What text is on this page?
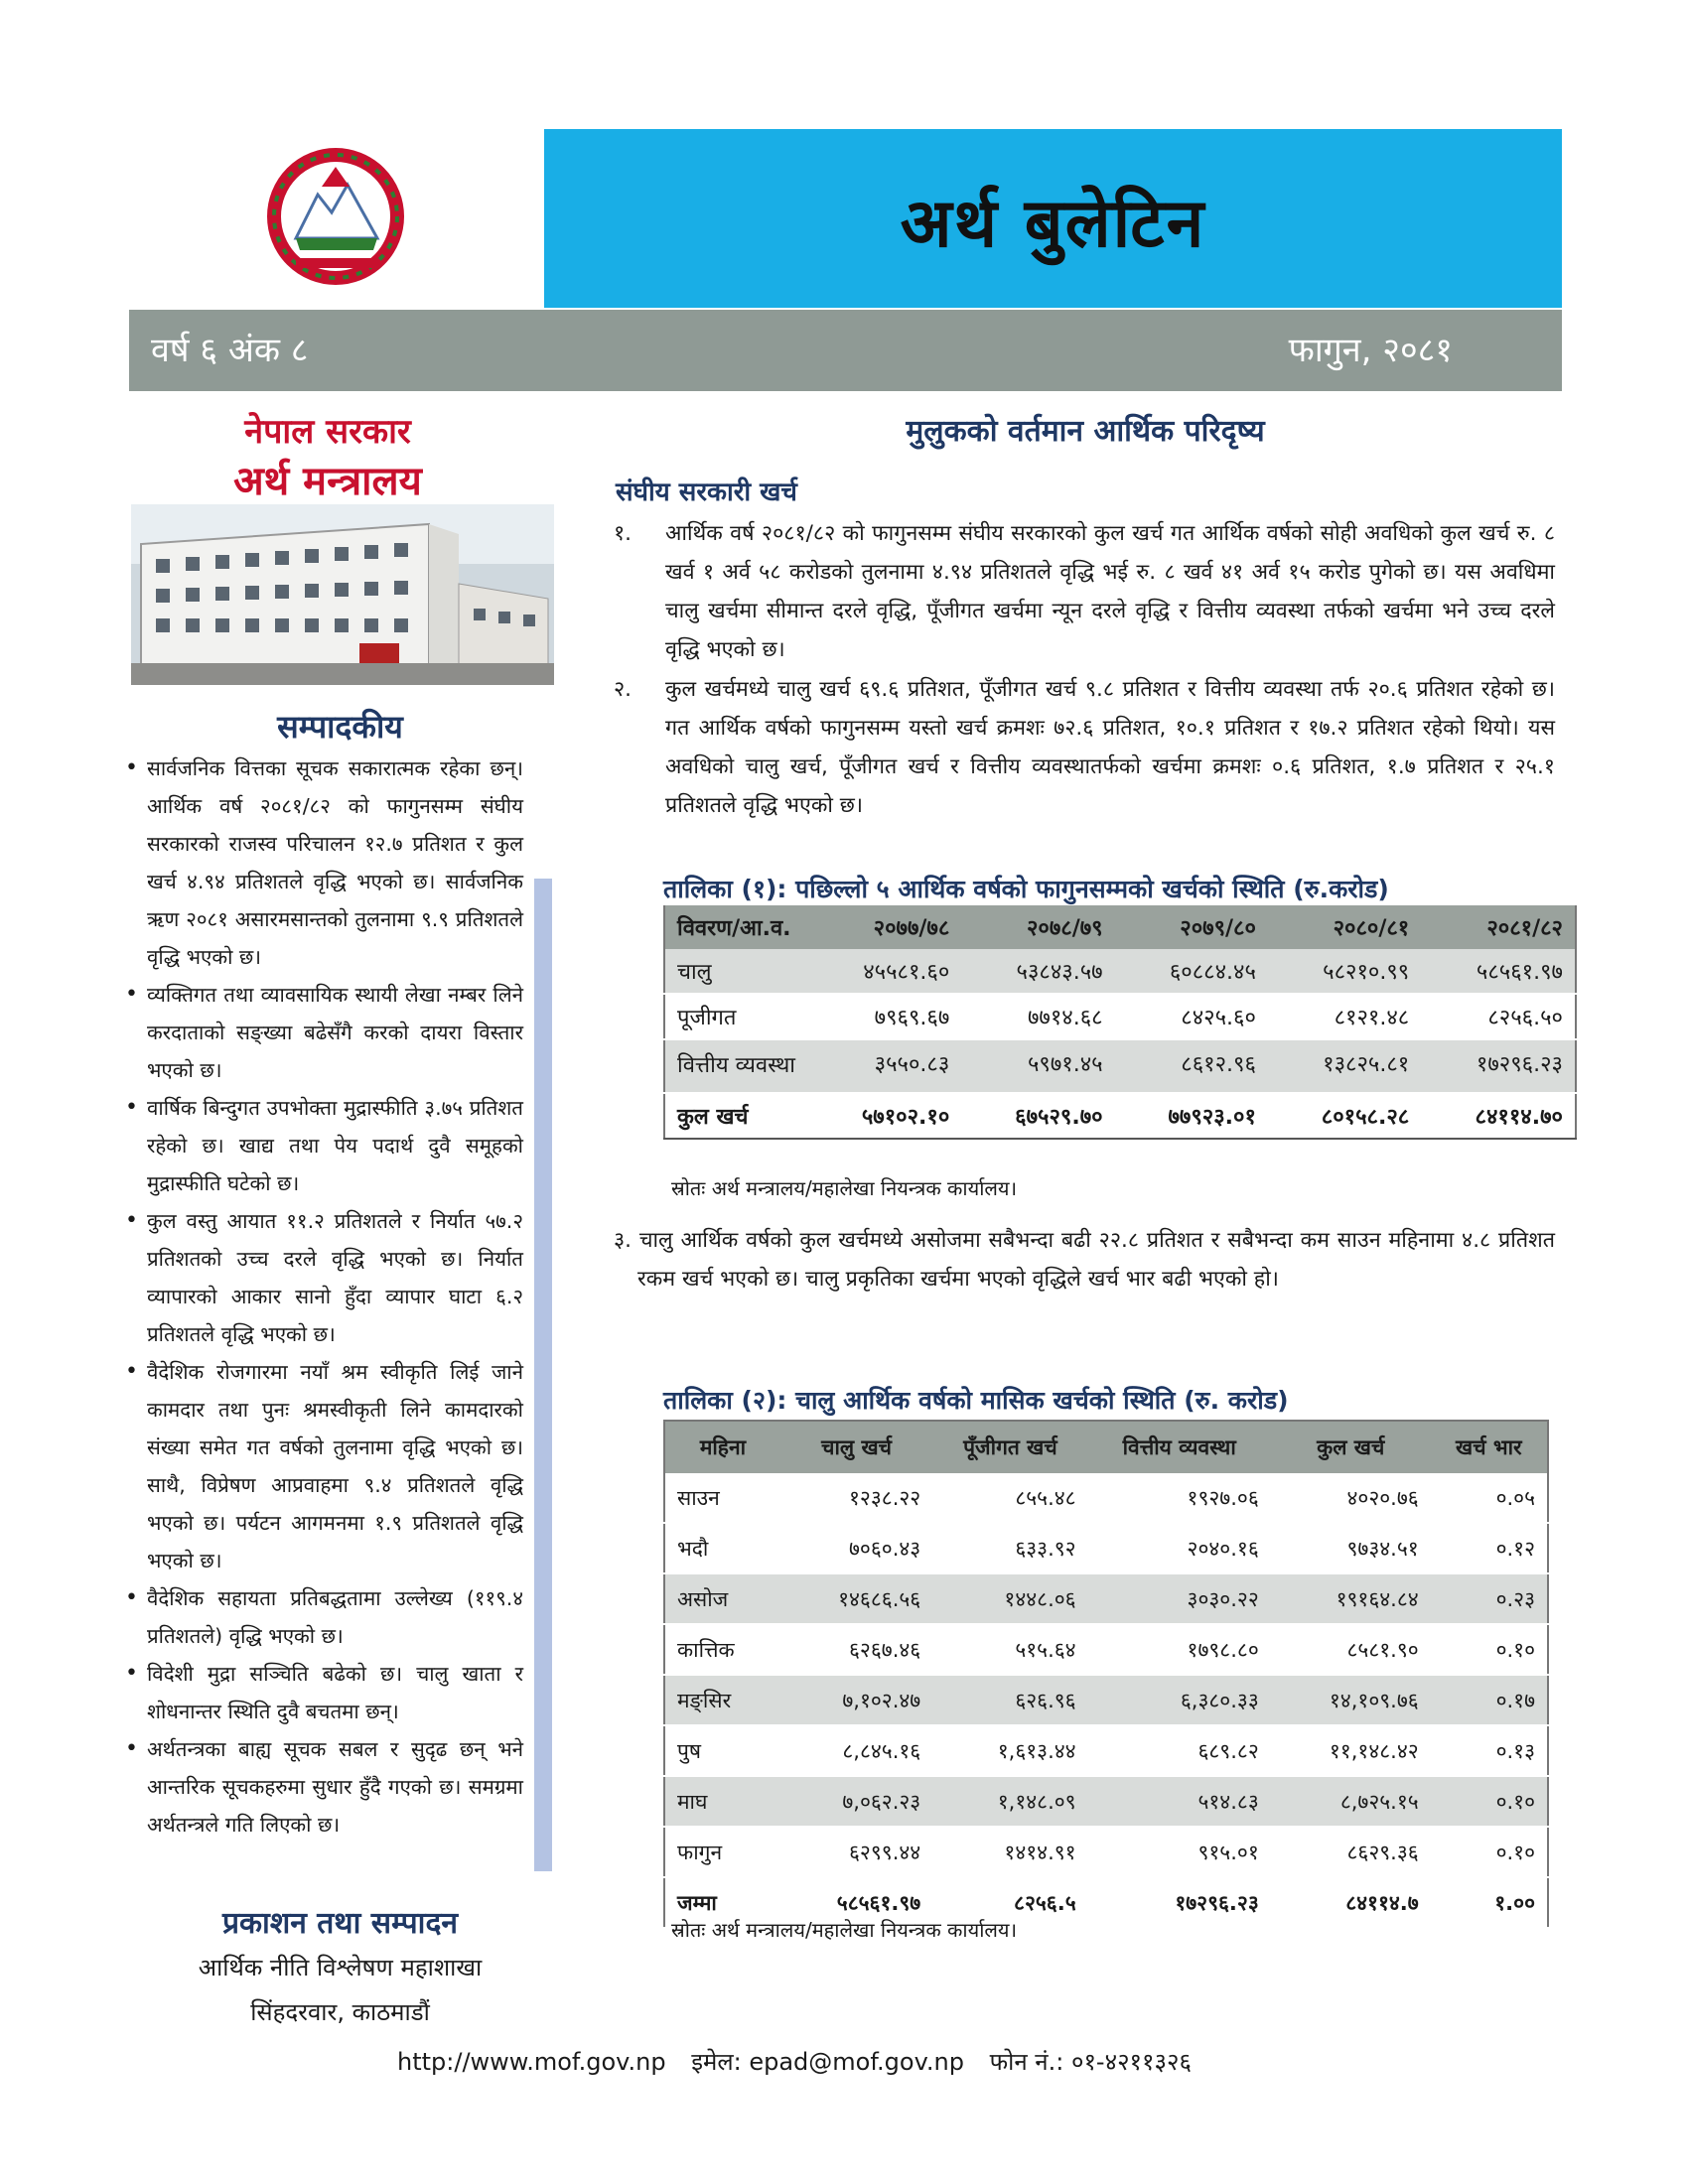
अर्थ बुलेटिन
वर्ष ६ अंक ८	फागुन, २०८१
नेपाल सरकार
अर्थ मन्त्रालय
सम्पादकीय
• सार्वजनिक वित्तका सूचक सकारात्मक रहेका छन्। आर्थिक वर्ष २०८१/८२ को फागुनसम्म संघीय सरकारको राजस्व परिचालन १२.७ प्रतिशत र कुल खर्च ४.९४ प्रतिशतले वृद्धि भएको छ। सार्वजनिक ऋण २०८१ असारमसान्तको तुलनामा ९.९ प्रतिशतले वृद्धि भएको छ।
• व्यक्तिगत तथा व्यावसायिक स्थायी लेखा नम्बर लिने करदाताको सङ्ख्या बढेसँगै करको दायरा विस्तार भएको छ।
• वार्षिक बिन्दुगत उपभोक्ता मुद्रास्फीति ३.७५ प्रतिशत रहेको छ। खाद्य तथा पेय पदार्थ दुवै समूहको मुद्रास्फीति घटेको छ।
• कुल वस्तु आयात ११.२ प्रतिशतले र निर्यात ५७.२ प्रतिशतको उच्च दरले वृद्धि भएको छ। निर्यात व्यापारको आकार सानो हुँदा व्यापार घाटा ६.२ प्रतिशतले वृद्धि भएको छ।
• वैदेशिक रोजगारमा नयाँ श्रम स्वीकृति लिई जाने कामदार तथा पुनः श्रमस्वीकृती लिने कामदारको संख्या समेत गत वर्षको तुलनामा वृद्धि भएको छ। साथै, विप्रेषण आप्रवाहमा ९.४ प्रतिशतले वृद्धि भएको छ। पर्यटन आगमनमा १.९ प्रतिशतले वृद्धि भएको छ।
• वैदेशिक सहायता प्रतिबद्धतामा उल्लेख्य (११९.४ प्रतिशतले) वृद्धि भएको छ।
• विदेशी मुद्रा सञ्चिति बढेको छ। चालु खाता र शोधनान्तर स्थिति दुवै बचतमा छन्।
• अर्थतन्त्रका बाह्य सूचक सबल र सुदृढ छन् भने आन्तरिक सूचकहरुमा सुधार हुँदै गएको छ। समग्रमा अर्थतन्त्रले गति लिएको छ।
प्रकाशन तथा सम्पादन
आर्थिक नीति विश्लेषण महाशाखा
सिंहदरवार, काठमाडौं
मुलुकको वर्तमान आर्थिक परिदृष्य
संघीय सरकारी खर्च
१.	आर्थिक वर्ष २०८१/८२ को फागुनसम्म संघीय सरकारको कुल खर्च गत आर्थिक वर्षको सोही अवधिको कुल खर्च रु. ८ खर्व १ अर्व ५८ करोडको तुलनामा ४.९४ प्रतिशतले वृद्धि भई रु. ८ खर्व ४१ अर्व १५ करोड पुगेको छ। यस अवधिमा चालु खर्चमा सीमान्त दरले वृद्धि, पूँजीगत खर्चमा न्यून दरले वृद्धि र वित्तीय व्यवस्था तर्फको खर्चमा भने उच्च दरले वृद्धि भएको छ।
२.	कुल खर्चमध्ये चालु खर्च ६९.६ प्रतिशत, पूँजीगत खर्च ९.८ प्रतिशत र वित्तीय व्यवस्था तर्फ २०.६ प्रतिशत रहेको छ। गत आर्थिक वर्षको फागुनसम्म यस्तो खर्च क्रमशः ७२.६ प्रतिशत, १०.१ प्रतिशत र १७.२ प्रतिशत रहेको थियो। यस अवधिको चालु खर्च, पूँजीगत खर्च र वित्तीय व्यवस्थातर्फको खर्चमा क्रमशः ०.६ प्रतिशत, १.७ प्रतिशत र २५.१ प्रतिशतले वृद्धि भएको छ।
तालिका (१): पछिल्लो ५ आर्थिक वर्षको फागुनसम्मको खर्चको स्थिति (रु.करोड)
विवरण/आ.व.	२०७७/७८	२०७८/७९	२०७९/८०	२०८०/८१	२०८१/८२
चालु	४५५८१.६०	५३८४३.५७	६०८८४.४५	५८२१०.९९	५८५६१.९७
पूजीगत	७९६९.६७	७७१४.६८	८४२५.६०	८१२१.४८	८२५६.५०
वित्तीय व्यवस्था	३५५०.८३	५९७१.४५	८६१२.९६	१३८२५.८१	१७२९६.२३
कुल खर्च	५७१०२.१०	६७५२९.७०	७७९२३.०१	८०१५८.२८	८४११४.७०
स्रोतः अर्थ मन्त्रालय/महालेखा नियन्त्रक कार्यालय।
३. चालु आर्थिक वर्षको कुल खर्चमध्ये असोजमा सबैभन्दा बढी २२.८ प्रतिशत र सबैभन्दा कम साउन महिनामा ४.८ प्रतिशत रकम खर्च भएको छ। चालु प्रकृतिका खर्चमा भएको वृद्धिले खर्च भार बढी भएको हो।
तालिका (२): चालु आर्थिक वर्षको मासिक खर्चको स्थिति (रु. करोड)
महिना	चालु खर्च	पूँजीगत खर्च	वित्तीय व्यवस्था	कुल खर्च	खर्च भार
साउन	१२३८.२२	८५५.४८	१९२७.०६	४०२०.७६	०.०५
भदौ	७०६०.४३	६३३.९२	२०४०.१६	९७३४.५१	०.१२
असोज	१४६८६.५६	१४४८.०६	३०३०.२२	१९१६४.८४	०.२३
कात्तिक	६२६७.४६	५१५.६४	१७९८.८०	८५८१.९०	०.१०
मङ्सिर	७,१०२.४७	६२६.९६	६,३८०.३३	१४,१०९.७६	०.१७
पुष	८,८४५.१६	१,६१३.४४	६८९.८२	११,१४८.४२	०.१३
माघ	७,०६२.२३	१,१४८.०९	५१४.८३	८,७२५.१५	०.१०
फागुन	६२९९.४४	१४१४.९१	९१५.०१	८६२९.३६	०.१०
जम्मा	५८५६१.९७	८२५६.५	१७२९६.२३	८४११४.७	१.००
स्रोतः अर्थ मन्त्रालय/महालेखा नियन्त्रक कार्यालय।
http://www.mof.gov.np इमेल: epad@mof.gov.np फोन नं.: ०१-४२११३२६
